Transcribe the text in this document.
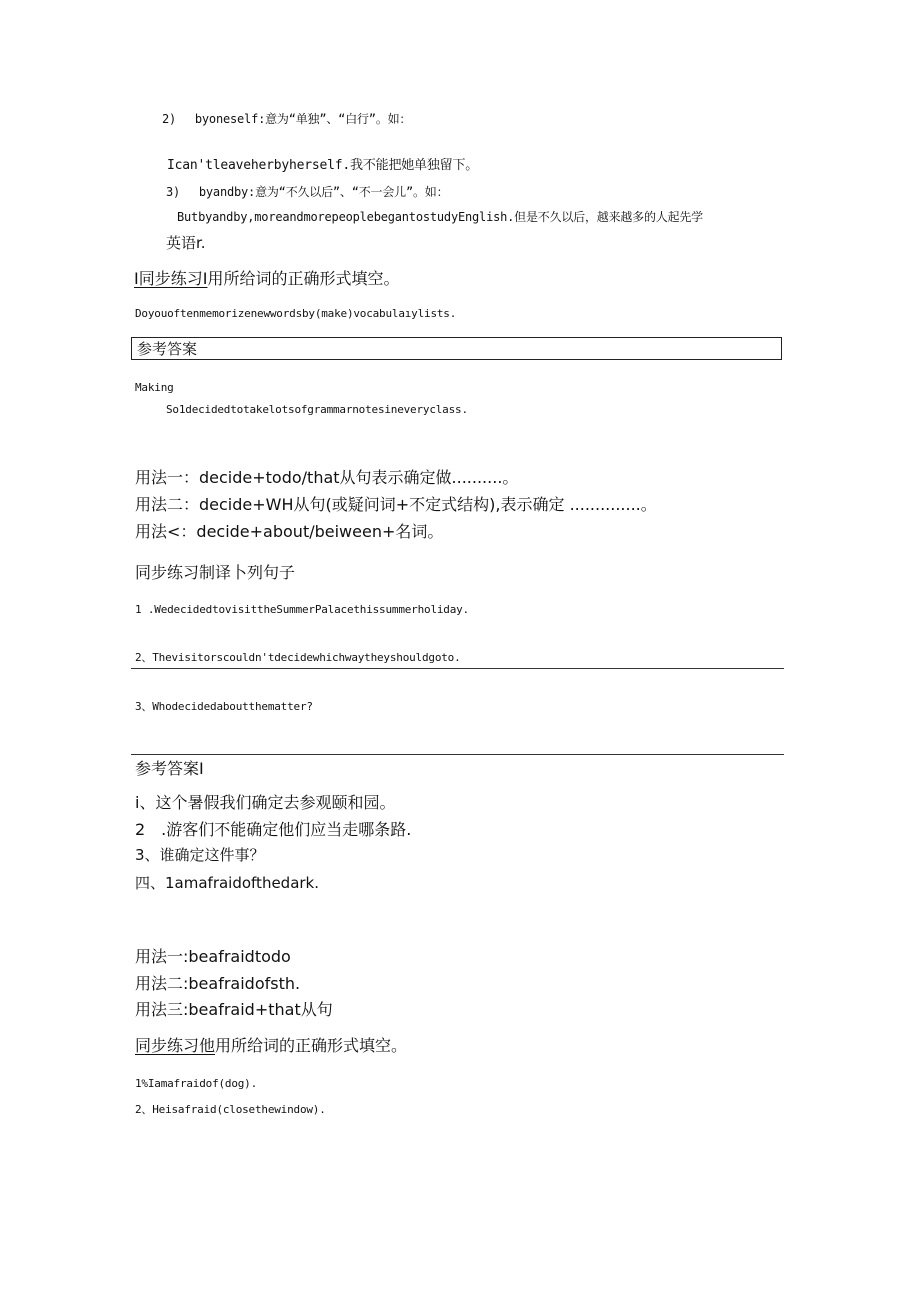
2)　 byoneself:意为“单独”、“白行”。如：
Ican'tleaveherbyherself.我不能把她单独留下。
3)　 byandby:意为“不久以后”、“不一会儿”。如：
Butbyandby,moreandmorepeoplebegantostudyEnglish.但是不久以后，越来越多的人起先学
英语r.
I同步练习I用所给词的正确形式填空。
Doyouoftenmemorizenewwordsby(make)vocabulaıylists.
参考答案
Making
So1decidedtotakelotsofgrammarnotesineveryclass.
用法一：decide+todo/that从句表示确定做..........。
用法二：decide+WH从句(或疑问词+不定式结构),表示确定 ..............。
用法<：decide+about/beiween+名词。
同步练习制译卜列句子
1 .WedecidedtovisittheSummerPalacethissummerholiday.
2、Thevisitorscouldn'tdecidewhichwaytheyshouldgoto.
3、Whodecidedaboutthematter?
参考答案I
i、这个暑假我们确定去参观颐和园。
2　.游客们不能确定他们应当走哪条路.
3、谁确定这件事？
四、1amafraidofthedark.
用法一:beafraidtodo
用法二:beafraidofsth.
用法三:beafraid+that从句
同步练习他用所给词的正确形式填空。
1%Iamafraidof(dog).
2、Heisafraid(closethewindow).
